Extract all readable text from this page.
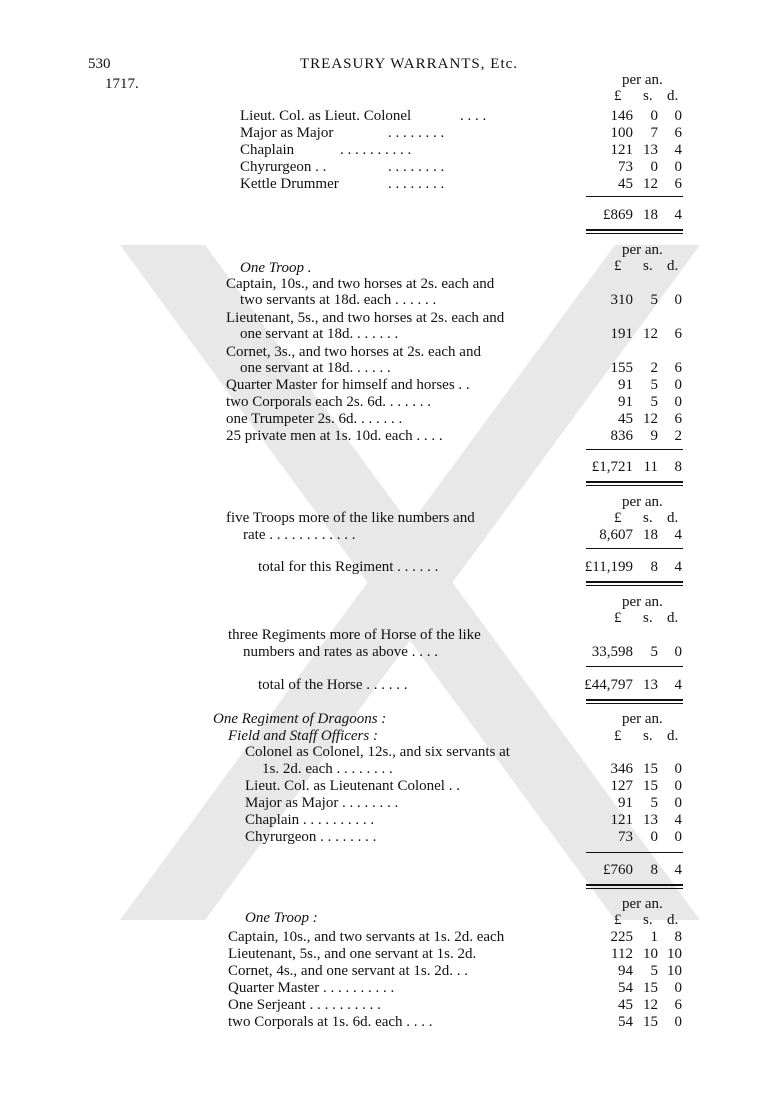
530
1717.
TREASURY WARRANTS, Etc.
per an.
£ s. d.
Lieut. Col. as Lieut. Colonel	. . . .	146 0 0
Major as Major	. . . . . . . .	100 7 6
Chaplain	. . . . . . . . . .	121 13 4
Chyrurgeon . .	. . . . . . . .	73 0 0
Kettle Drummer	. . . . . . . .	45 12 6
£869 18 4
per an.
£ s. d.
One Troop .
Captain, 10s., and two horses at 2s. each and
two servants at 18d. each . . . . . .	310 5 0
Lieutenant, 5s., and two horses at 2s. each and
one servant at 18d. . . . . . .	191 12 6
Cornet, 3s., and two horses at 2s. each and
one servant at 18d. . . . . .	155 2 6
Quarter Master for himself and horses . .	91 5 0
two Corporals each 2s. 6d. . . . . . .	91 5 0
one Trumpeter 2s. 6d. . . . . . .	45 12 6
25 private men at 1s. 10d. each . . . .	836 9 2
£1,721 11 8
per an.
£ s. d.
five Troops more of the like numbers and
rate . . . . . . . . . . . .	8,607 18 4
total for this Regiment . . . . . .	£11,199 8 4
per an.
£ s. d.
three Regiments more of Horse of the like
numbers and rates as above . . . .	33,598 5 0
total of the Horse . . . . . .	£44,797 13 4
One Regiment of Dragoons :
Field and Staff Officers :
per an.
£ s. d.
Colonel as Colonel, 12s., and six servants at
1s. 2d. each . . . . . . . .	346 15 0
Lieut. Col. as Lieutenant Colonel . .	127 15 0
Major as Major . . . . . . . .	91 5 0
Chaplain . . . . . . . . . .	121 13 4
Chyrurgeon . . . . . . . .	73 0 0
£760 8 4
per an.
£ s. d.
One Troop :
Captain, 10s., and two servants at 1s. 2d. each	225 1 8
Lieutenant, 5s., and one servant at 1s. 2d.	112 10 10
Cornet, 4s., and one servant at 1s. 2d. . .	94 5 10
Quarter Master . . . . . . . . . .	54 15 0
One Serjeant . . . . . . . . . .	45 12 6
two Corporals at 1s. 6d. each . . . .	54 15 0
